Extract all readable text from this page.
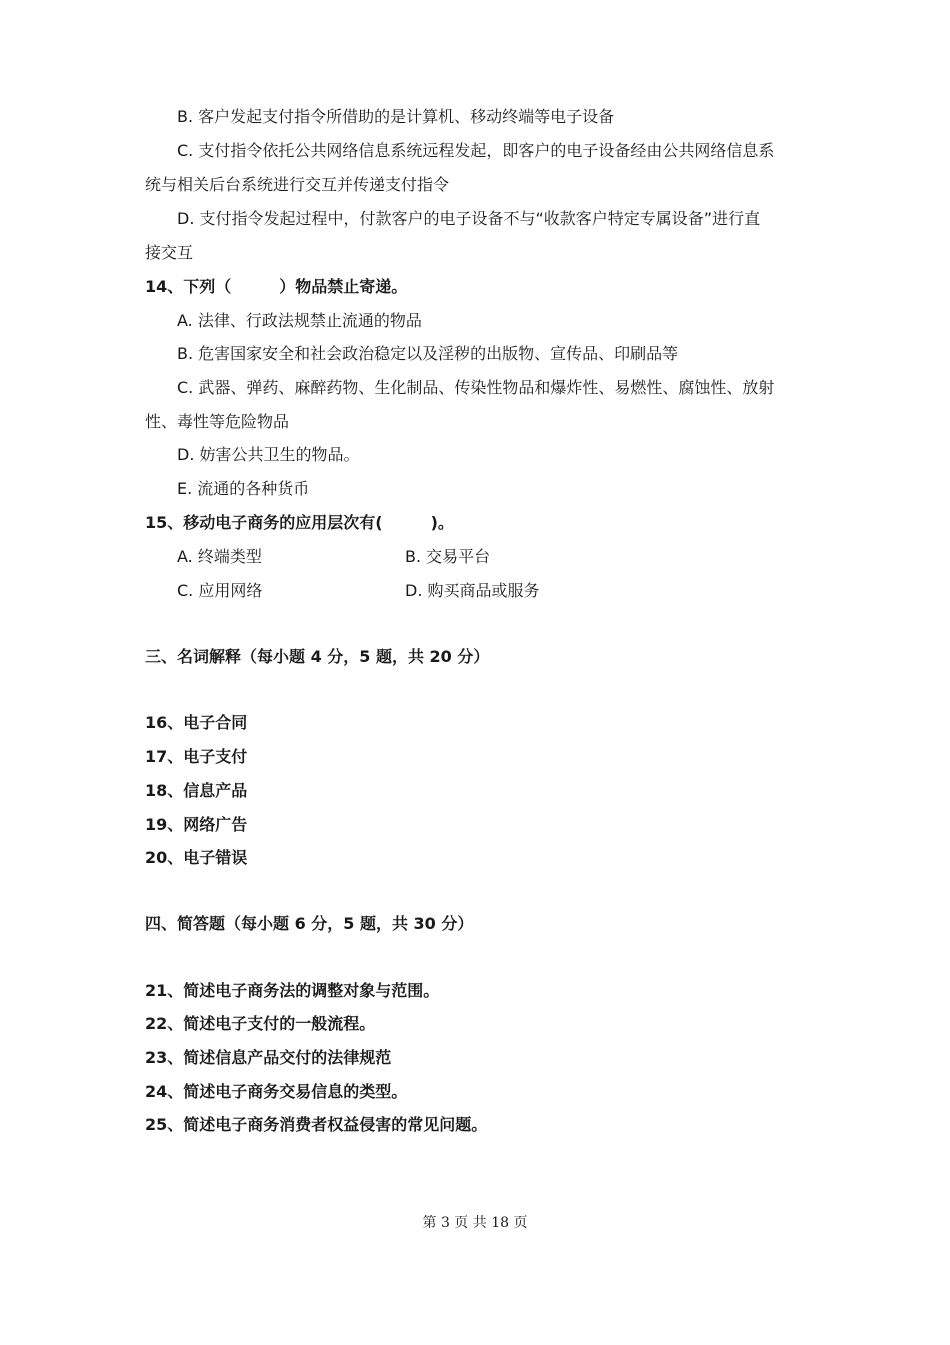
B. 客户发起支付指令所借助的是计算机、移动终端等电子设备
C. 支付指令依托公共网络信息系统远程发起，即客户的电子设备经由公共网络信息系
统与相关后台系统进行交互并传递支付指令
D. 支付指令发起过程中，付款客户的电子设备不与“收款客户特定专属设备”进行直
接交互
14、下列（　　　）物品禁止寄递。
A. 法律、行政法规禁止流通的物品
B. 危害国家安全和社会政治稳定以及淫秽的出版物、宣传品、印刷品等
C. 武器、弹药、麻醉药物、生化制品、传染性物品和爆炸性、易燃性、腐蚀性、放射
性、毒性等危险物品
D. 妨害公共卫生的物品。
E. 流通的各种货币
15、移动电子商务的应用层次有(　　　)。
A. 终端类型	B. 交易平台
C. 应用网络	D. 购买商品或服务
三、名词解释（每小题 4 分，5 题，共 20 分）
16、电子合同
17、电子支付
18、信息产品
19、网络广告
20、电子错误
四、简答题（每小题 6 分，5 题，共 30 分）
21、简述电子商务法的调整对象与范围。
22、简述电子支付的一般流程。
23、简述信息产品交付的法律规范
24、简述电子商务交易信息的类型。
25、简述电子商务消费者权益侵害的常见问题。
第 3 页 共 18 页
